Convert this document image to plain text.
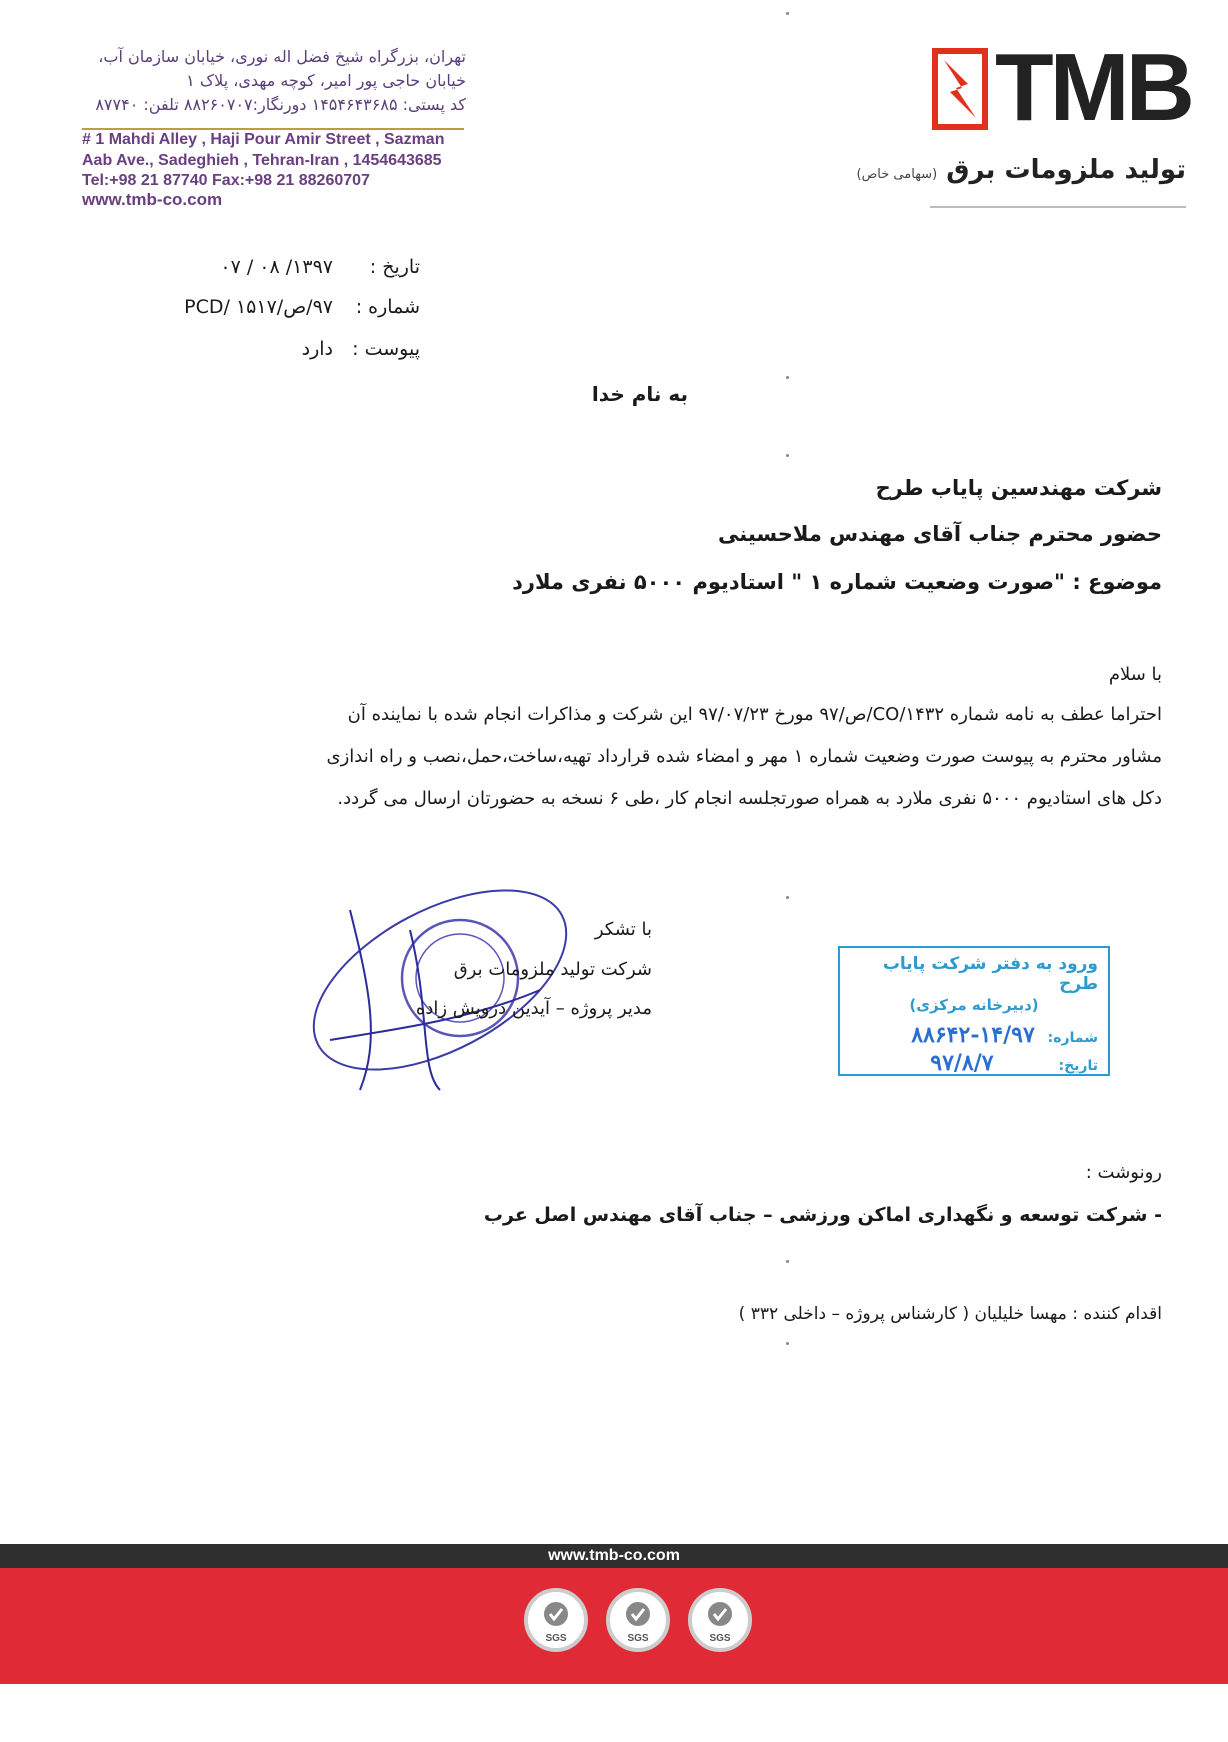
TMB
تولید ملزومات برق (سهامی خاص)
تهران، بزرگراه شیخ فضل اله نوری، خیابان سازمان آب،
خیابان حاجی پور امیر، کوچه مهدی، پلاک ۱
کد پستی: ۱۴۵۴۶۴۳۶۸۵ دورنگار:۸۸۲۶۰۷۰۷ تلفن: ۸۷۷۴۰
# 1 Mahdi Alley , Haji Pour Amir Street , Sazman
Aab Ave., Sadeghieh , Tehran-Iran , 1454643685
Tel:+98 21 87740 Fax:+98 21 88260707
www.tmb-co.com
تاریخ :۱۳۹۷/ ۰۸ / ۰۷
شماره :۹۷/ص/PCD/ ۱۵۱۷
پیوست :دارد
به نام خدا
شرکت مهندسین پایاب طرح
حضور محترم جناب آقای مهندس ملاحسینی
موضوع : "صورت وضعیت شماره ۱ " استادیوم ۵۰۰۰ نفری ملارد
با سلام
احتراما عطف به نامه شماره CO/۱۴۳۲/ص/۹۷ مورخ ۹۷/۰۷/۲۳ این شرکت و مذاکرات انجام شده با نماینده آن
مشاور محترم به پیوست صورت وضعیت شماره ۱ مهر و امضاء شده قرارداد تهیه،ساخت،حمل،نصب و راه اندازی
دکل های استادیوم ۵۰۰۰ نفری ملارد به همراه صورتجلسه انجام کار ،طی ۶ نسخه به حضورتان ارسال می گردد.
با تشکر
شرکت تولید ملزومات برق
مدیر پروژه – آیدین درویش زاده
ورود به دفتر شرکت پایاب طرح
(دبیرخانه مرکزی)
شماره: ۱۴/۹۷-۸۸۶۴۲
تاریخ: ۹۷/۸/۷
رونوشت :
- شرکت توسعه و نگهداری اماکن ورزشی – جناب آقای مهندس اصل عرب
اقدام کننده : مهسا خلیلیان ( کارشناس پروژه – داخلی ۳۳۲ )
www.tmb-co.com
SGS	SGS	SGS
